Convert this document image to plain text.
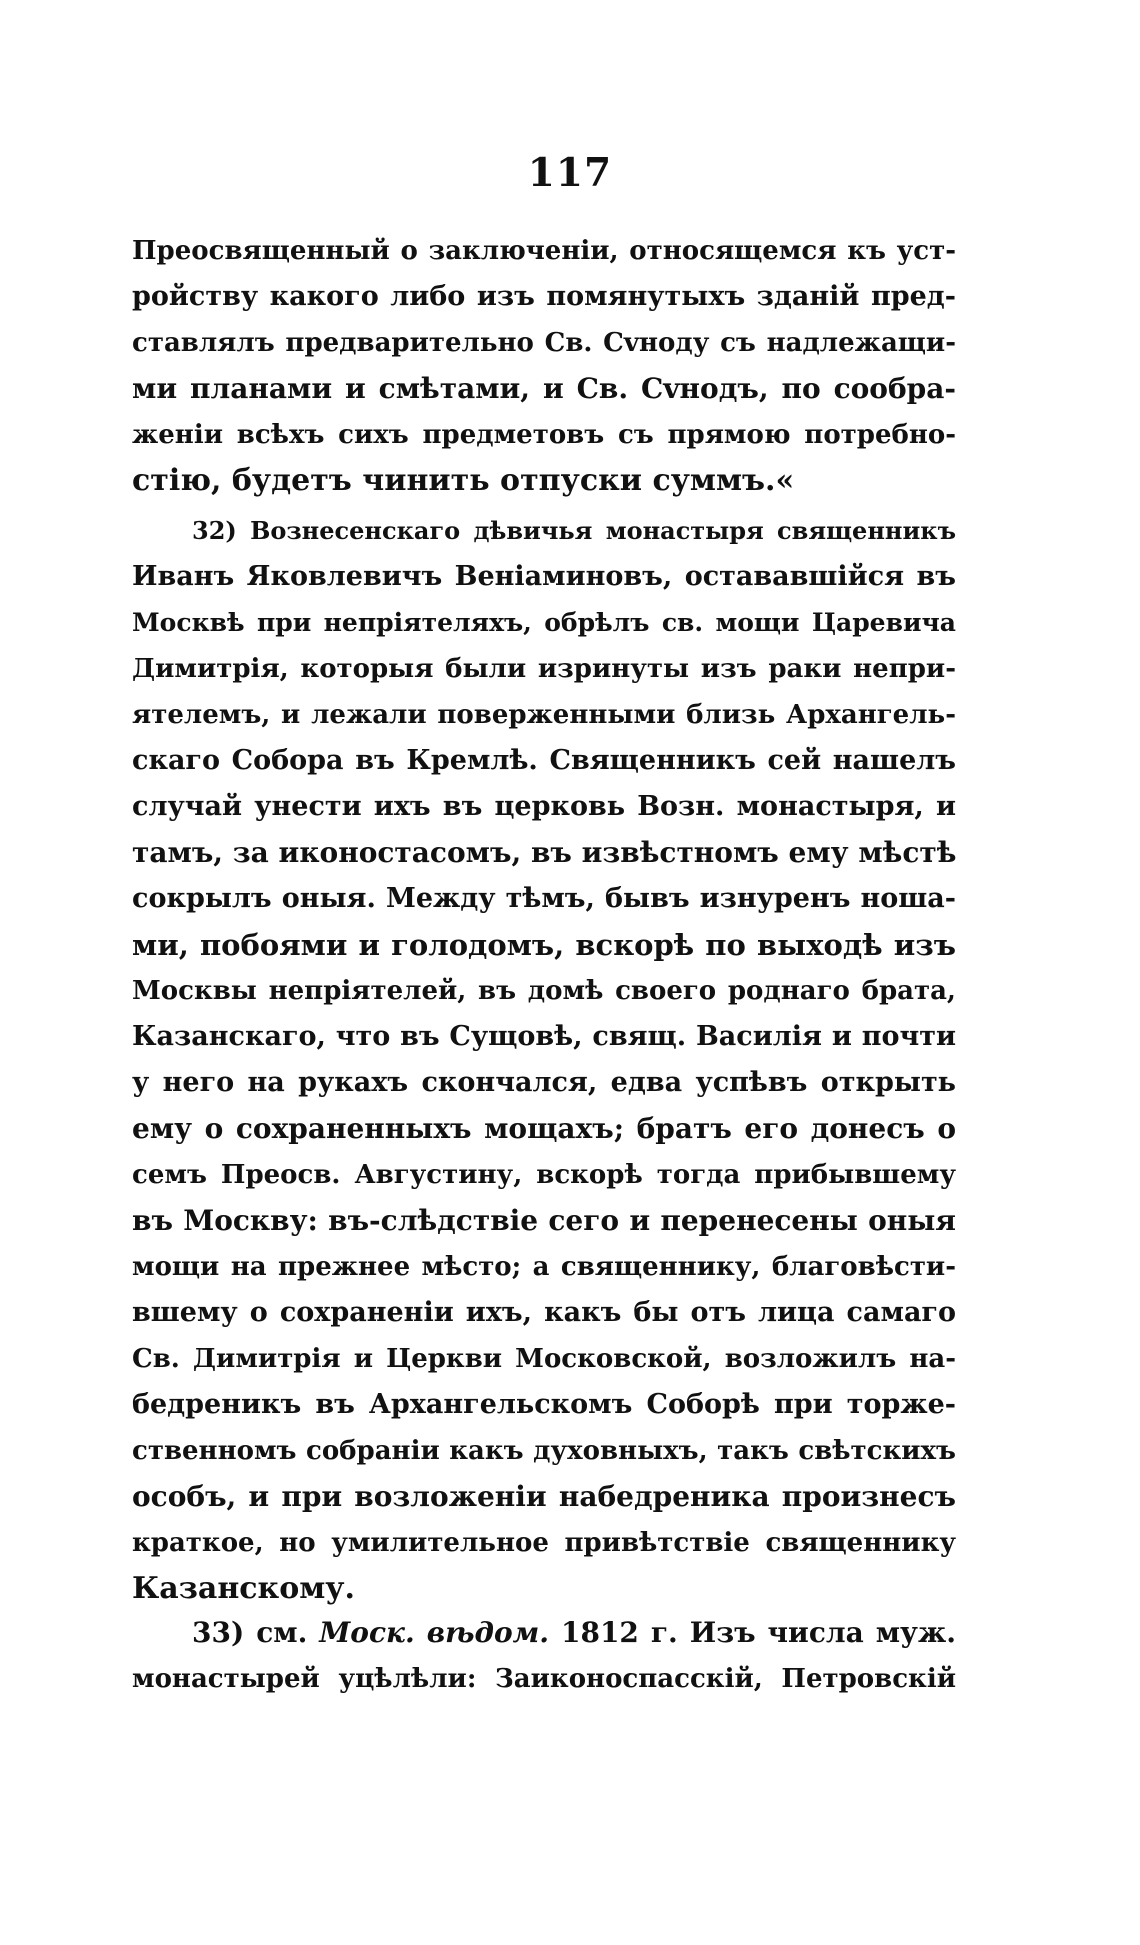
117
Преосвященный о заключеніи, относящемся къ уст-
ройству какого либо изъ помянутыхъ зданій пред-
ставлялъ предварительно Св. Сvноду съ надлежащи-
ми планами и смѣтами, и Св. Сvнодъ, по сообра-
женіи всѣхъ сихъ предметовъ съ прямою потребно-
стію, будетъ чинить отпуски суммъ.«
32) Вознесенскаго дѣвичья монастыря священникъ
Иванъ Яковлевичъ Веніаминовъ, остававшійся въ
Москвѣ при непріятеляхъ, обрѣлъ св. мощи Царевича
Димитрія, которыя были изринуты изъ раки непри-
ятелемъ, и лежали поверженными близь Архангель-
скаго Собора въ Кремлѣ. Священникъ сей нашелъ
случай унести ихъ въ церковь Возн. монастыря, и
тамъ, за иконостасомъ, въ извѣстномъ ему мѣстѣ
сокрылъ оныя. Между тѣмъ, бывъ изнуренъ ноша-
ми, побоями и голодомъ, вскорѣ по выходѣ изъ
Москвы непріятелей, въ домѣ своего роднаго брата,
Казанскаго, что въ Сущовѣ, свящ. Василія и почти
у него на рукахъ скончался, едва успѣвъ открыть
ему о сохраненныхъ мощахъ; братъ его донесъ о
семъ Преосв. Августину, вскорѣ тогда прибывшему
въ Москву: въ-слѣдствіе сего и перенесены оныя
мощи на прежнее мѣсто; а священнику, благовѣсти-
вшему о сохраненіи ихъ, какъ бы отъ лица самаго
Св. Димитрія и Церкви Московской, возложилъ на-
бедреникъ въ Архангельскомъ Соборѣ при торже-
ственномъ собраніи какъ духовныхъ, такъ свѣтскихъ
особъ, и при возложеніи набедреника произнесъ
краткое, но умилительное привѣтствіе священнику
Казанскому.
33) см. Моск. вѣдом. 1812 г. Изъ числа муж.
монастырей уцѣлѣли: Заиконоспасскій, Петровскій
